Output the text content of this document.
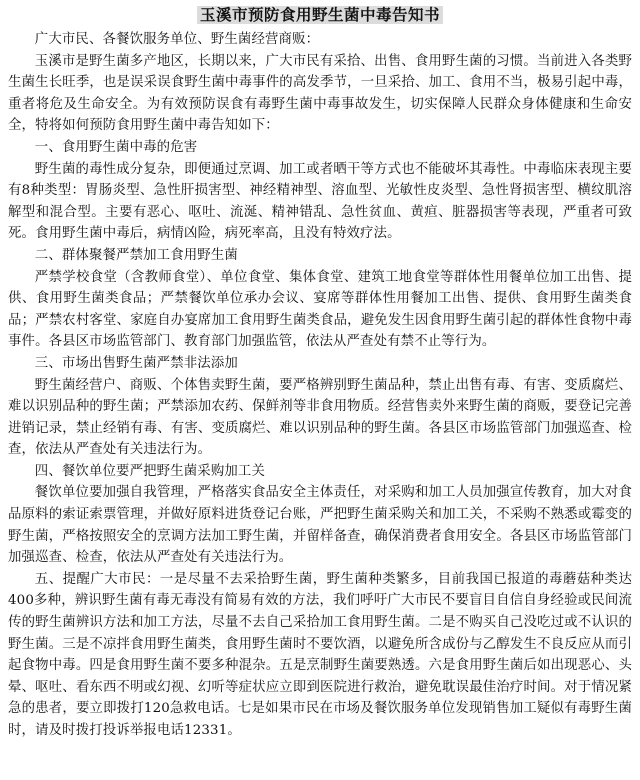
玉溪市预防食用野生菌中毒告知书

广大市民、各餐饮服务单位、野生菌经营商贩：

玉溪市是野生菌多产地区，长期以来，广大市民有采拾、出售、食用野生菌的习惯。当前进入各类野生菌生长旺季，也是误采误食野生菌中毒事件的高发季节，一旦采拾、加工、食用不当，极易引起中毒，重者将危及生命安全。为有效预防误食有毒野生菌中毒事故发生，切实保障人民群众身体健康和生命安全，特将如何预防食用野生菌中毒告知如下：

一、食用野生菌中毒的危害

野生菌的毒性成分复杂，即便通过烹调、加工或者晒干等方式也不能破坏其毒性。中毒临床表现主要有8种类型：胃肠炎型、急性肝损害型、神经精神型、溶血型、光敏性皮炎型、急性肾损害型、横纹肌溶解型和混合型。主要有恶心、呕吐、流涎、精神错乱、急性贫血、黄疸、脏器损害等表现，严重者可致死。食用野生菌中毒后，病情凶险，病死率高，且没有特效疗法。

二、群体聚餐严禁加工食用野生菌

严禁学校食堂（含教师食堂）、单位食堂、集体食堂、建筑工地食堂等群体性用餐单位加工出售、提供、食用野生菌类食品；严禁餐饮单位承办会议、宴席等群体性用餐加工出售、提供、食用野生菌类食品；严禁农村客堂、家庭自办宴席加工食用野生菌类食品，避免发生因食用野生菌引起的群体性食物中毒事件。各县区市场监管部门、教育部门加强监管，依法从严查处有禁不止等行为。

三、市场出售野生菌严禁非法添加

野生菌经营户、商贩、个体售卖野生菌，要严格辨别野生菌品种，禁止出售有毒、有害、变质腐烂、难以识别品种的野生菌；严禁添加农药、保鲜剂等非食用物质。经营售卖外来野生菌的商贩，要登记完善进销记录，禁止经销有毒、有害、变质腐烂、难以识别品种的野生菌。各县区市场监管部门加强巡查、检查，依法从严查处有关违法行为。

四、餐饮单位要严把野生菌采购加工关

餐饮单位要加强自我管理，严格落实食品安全主体责任，对采购和加工人员加强宣传教育，加大对食品原料的索证索票管理，并做好原料进货登记台账，严把野生菌采购关和加工关，不采购不熟悉或霉变的野生菌，严格按照安全的烹调方法加工野生菌，并留样备查，确保消费者食用安全。各县区市场监管部门加强巡查、检查，依法从严查处有关违法行为。

五、提醒广大市民：一是尽量不去采拾野生菌，野生菌种类繁多，目前我国已报道的毒蘑菇种类达400多种，辨识野生菌有毒无毒没有简易有效的方法，我们呼吁广大市民不要盲目自信自身经验或民间流传的野生菌辨识方法和加工方法，尽量不去自己采拾加工食用野生菌。二是不购买自己没吃过或不认识的野生菌。三是不凉拌食用野生菌类，食用野生菌时不要饮酒，以避免所含成份与乙醇发生不良反应从而引起食物中毒。四是食用野生菌不要多种混杂。五是烹制野生菌要熟透。六是食用野生菌后如出现恶心、头晕、呕吐、看东西不明或幻视、幻听等症状应立即到医院进行救治，避免耽误最佳治疗时间。对于情况紧急的患者，要立即拨打120急救电话。七是如果市民在市场及餐饮服务单位发现销售加工疑似有毒野生菌时，请及时拨打投诉举报电话12331。
